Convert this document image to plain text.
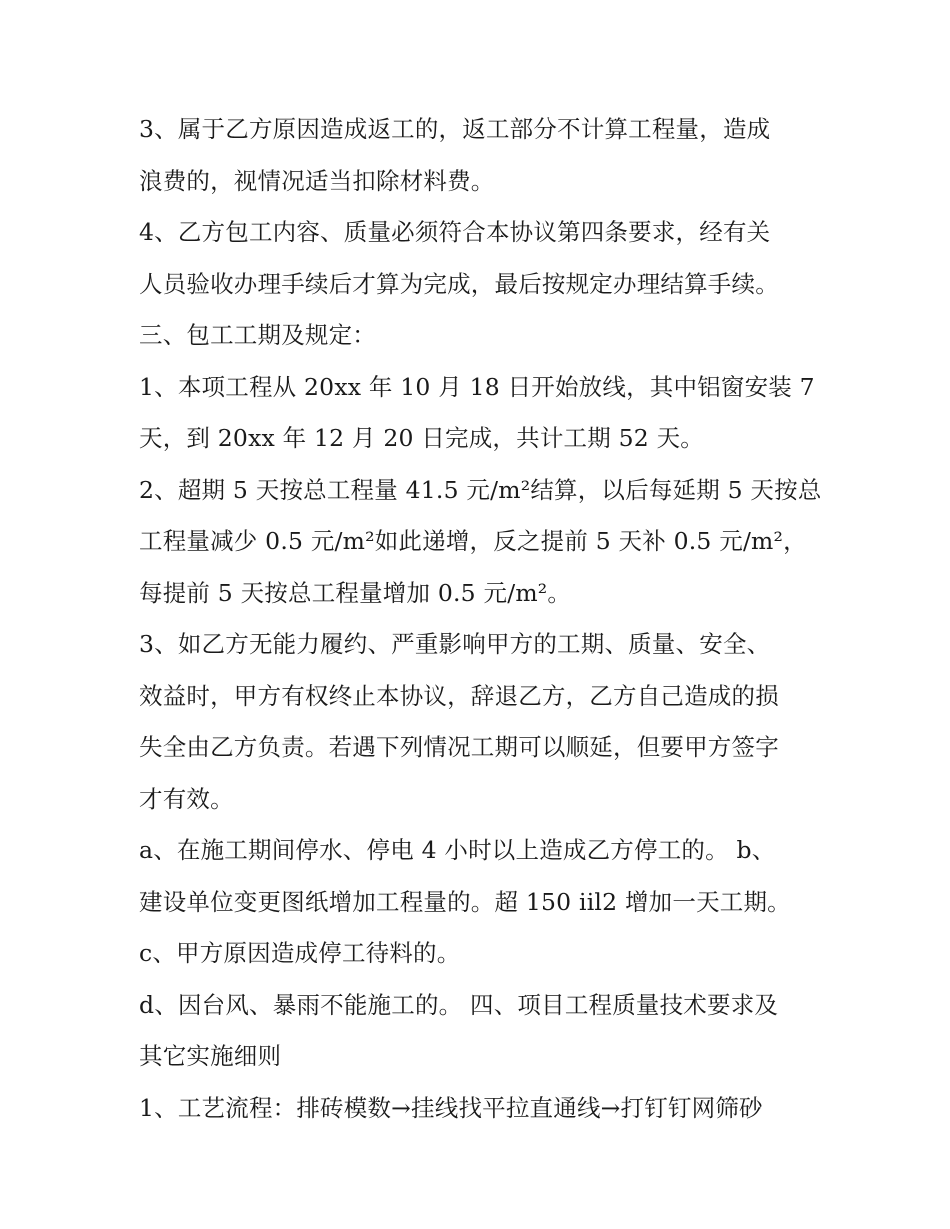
3、属于乙方原因造成返工的，返工部分不计算工程量，造成
浪费的，视情况适当扣除材料费。
4、乙方包工内容、质量必须符合本协议第四条要求，经有关
人员验收办理手续后才算为完成，最后按规定办理结算手续。
三、包工工期及规定：
1、本项工程从 20xx 年 10 月 18 日开始放线，其中铝窗安装 7
天，到 20xx 年 12 月 20 日完成，共计工期 52 天。
2、超期 5 天按总工程量 41.5 元/m²结算，以后每延期 5 天按总
工程量减少 0.5 元/m²如此递增，反之提前 5 天补 0.5 元/m²，
每提前 5 天按总工程量增加 0.5 元/m²。
3、如乙方无能力履约、严重影响甲方的工期、质量、安全、
效益时，甲方有权终止本协议，辞退乙方，乙方自己造成的损
失全由乙方负责。若遇下列情况工期可以顺延，但要甲方签字
才有效。
a、在施工期间停水、停电 4 小时以上造成乙方停工的。 b、
建设单位变更图纸增加工程量的。超 150 iil2 增加一天工期。
c、甲方原因造成停工待料的。
d、因台风、暴雨不能施工的。 四、项目工程质量技术要求及
其它实施细则
1、工艺流程：排砖模数→挂线找平拉直通线→打钉钉网筛砂
